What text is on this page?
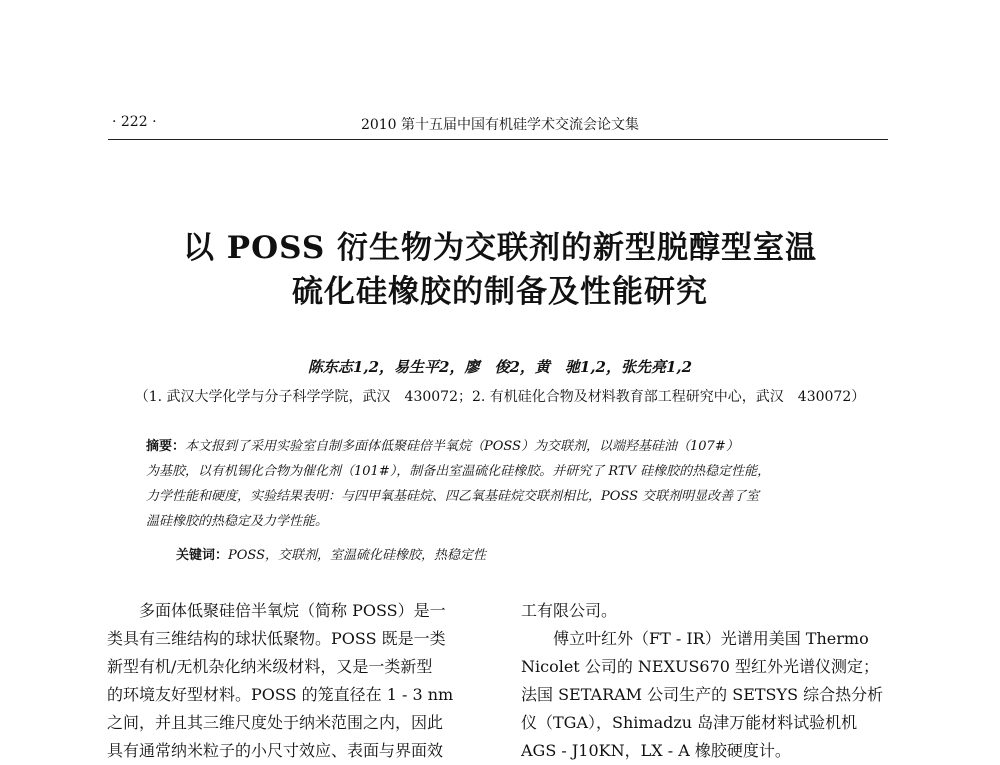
· 222 ·	2010 第十五届中国有机硅学术交流会论文集
以 POSS 衍生物为交联剂的新型脱醇型室温
硫化硅橡胶的制备及性能研究
陈东志1,2，易生平2，廖　俊2，黄　驰1,2，张先亮1,2
（1. 武汉大学化学与分子科学学院，武汉　430072；2. 有机硅化合物及材料教育部工程研究中心，武汉　430072）
摘要：本文报到了采用实验室自制多面体低聚硅倍半氧烷（POSS）为交联剂，以端羟基硅油（107#）
为基胶，以有机锡化合物为催化剂（101#），制备出室温硫化硅橡胶。并研究了 RTV 硅橡胶的热稳定性能，
力学性能和硬度，实验结果表明：与四甲氧基硅烷、四乙氧基硅烷交联剂相比，POSS 交联剂明显改善了室
温硅橡胶的热稳定及力学性能。
关键词：POSS，交联剂，室温硫化硅橡胶，热稳定性
多面体低聚硅倍半氧烷（简称 POSS）是一
类具有三维结构的球状低聚物。POSS 既是一类
新型有机/无机杂化纳米级材料，又是一类新型
的环境友好型材料。POSS 的笼直径在 1 - 3 nm
之间，并且其三维尺度处于纳米范围之内，因此
具有通常纳米粒子的小尺寸效应、表面与界面效
工有限公司。
傅立叶红外（FT - IR）光谱用美国 Thermo
Nicolet 公司的 NEXUS670 型红外光谱仪测定；
法国 SETARAM 公司生产的 SETSYS 综合热分析
仪（TGA），Shimadzu 岛津万能材料试验机机
AGS - J10KN，LX - A 橡胶硬度计。
